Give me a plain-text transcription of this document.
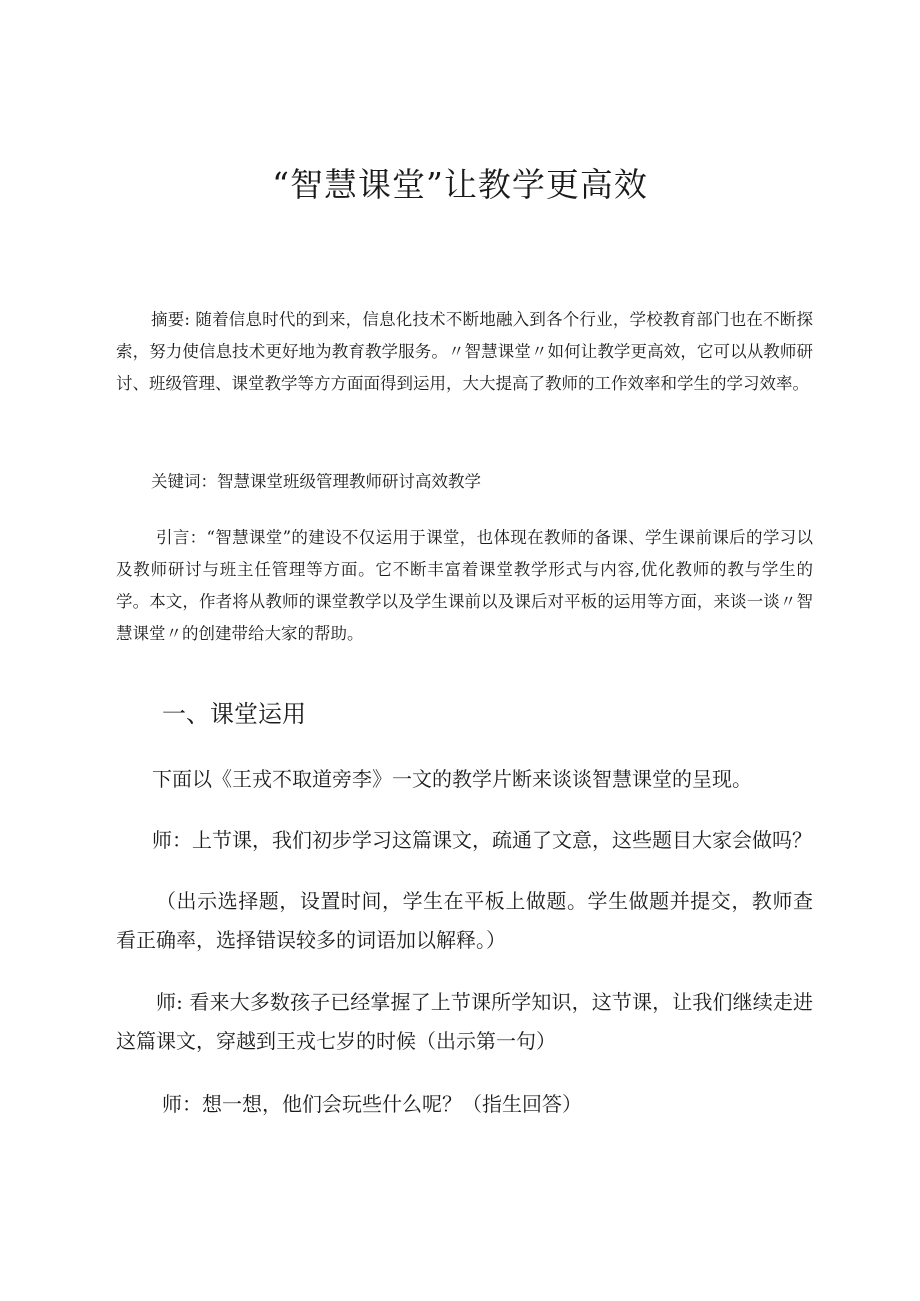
“智慧课堂”让教学更高效

摘要: 随着信息时代的到来，信息化技术不断地融入到各个行业，学校教育部门也在不断探索，努力使信息技术更好地为教育教学服务。〃智慧课堂〃如何让教学更高效，它可以从教师研讨、班级管理、课堂教学等方方面面得到运用，大大提高了教师的工作效率和学生的学习效率。

关键词：智慧课堂班级管理教师研讨高效教学

引言：“智慧课堂”的建设不仅运用于课堂，也体现在教师的备课、学生课前课后的学习以及教师研讨与班主任管理等方面。它不断丰富着课堂教学形式与内容,优化教师的教与学生的学。本文，作者将从教师的课堂教学以及学生课前以及课后对平板的运用等方面，来谈一谈〃智慧课堂〃的创建带给大家的帮助。

一、课堂运用

下面以《王戎不取道旁李》一文的教学片断来谈谈智慧课堂的呈现。

师：上节课，我们初步学习这篇课文，疏通了文意，这些题目大家会做吗？

（出示选择题，设置时间，学生在平板上做题。学生做题并提交，教师查看正确率，选择错误较多的词语加以解释。）

师: 看来大多数孩子已经掌握了上节课所学知识，这节课，让我们继续走进这篇课文，穿越到王戎七岁的时候（出示第一句）

师：想一想，他们会玩些什么呢？（指生回答）
